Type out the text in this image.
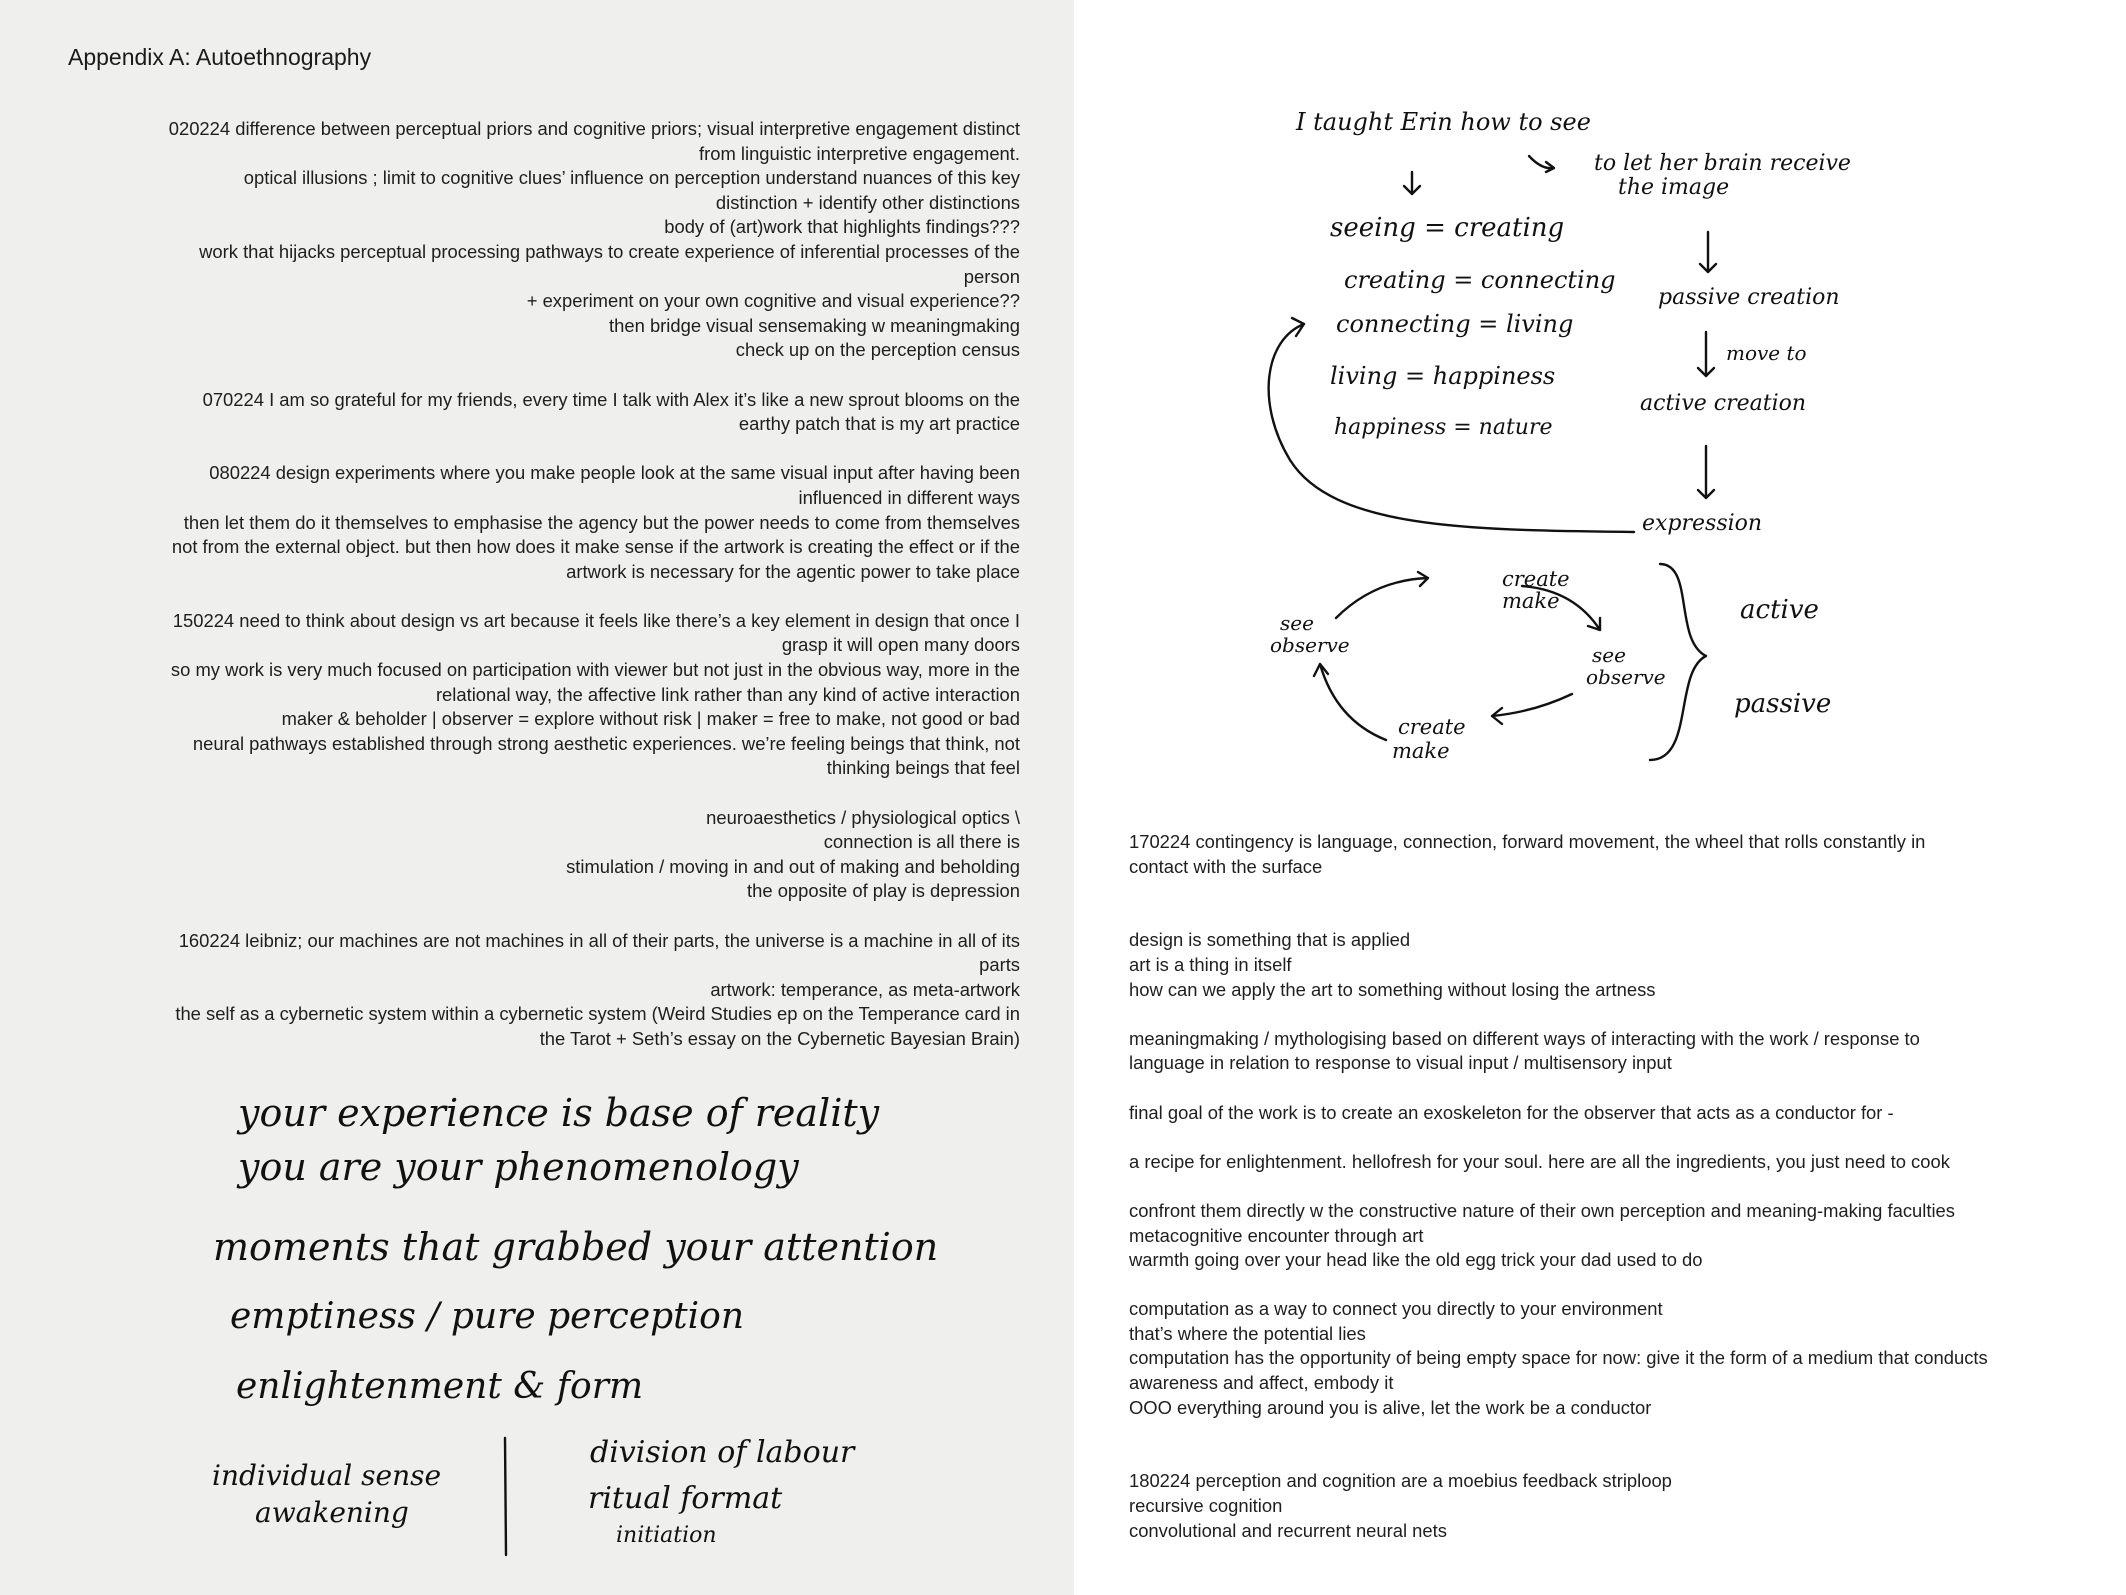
Appendix A: Autoethnography

020224 difference between perceptual priors and cognitive priors; visual interpretive engagement distinct

from linguistic interpretive engagement.

optical illusions ; limit to cognitive clues’ influence on perception understand nuances of this key

distinction + identify other distinctions

body of (art)work that highlights findings???

work that hijacks perceptual processing pathways to create experience of inferential processes of the

person

+ experiment on your own cognitive and visual experience??

then bridge visual sensemaking w meaningmaking

check up on the perception census

070224 I am so grateful for my friends, every time I talk with Alex it’s like a new sprout blooms on the

earthy patch that is my art practice

080224 design experiments where you make people look at the same visual input after having been

influenced in different ways

then let them do it themselves to emphasise the agency but the power needs to come from themselves

not from the external object. but then how does it make sense if the artwork is creating the effect or if the

artwork is necessary for the agentic power to take place

150224 need to think about design vs art because it feels like there’s a key element in design that once I

grasp it will open many doors

so my work is very much focused on participation with viewer but not just in the obvious way, more in the

relational way, the affective link rather than any kind of active interaction

maker & beholder | observer = explore without risk | maker = free to make, not good or bad

neural pathways established through strong aesthetic experiences. we’re feeling beings that think, not

thinking beings that feel

neuroaesthetics / physiological optics \

connection is all there is

stimulation / moving in and out of making and beholding

the opposite of play is depression

160224 leibniz; our machines are not machines in all of their parts, the universe is a machine in all of its

parts

artwork: temperance, as meta-artwork

the self as a cybernetic system within a cybernetic system (Weird Studies ep on the Temperance card in

the Tarot + Seth’s essay on the Cybernetic Bayesian Brain)

your experience is base of reality
you are your phenomenology
moments that grabbed your attention
emptiness / pure perception
enlightenment & form
individual sense
awakening
division of labour
ritual format
initiation
I taught Erin how to see
to let her brain receive
the image
seeing = creating
creating = connecting
connecting = living
living = happiness
happiness = nature
passive creation
move to
active creation
expression
create
make
see
observe	see
observe
create
make
active
passive

170224 contingency is language, connection, forward movement, the wheel that rolls constantly in

contact with the surface

design is something that is applied

art is a thing in itself

how can we apply the art to something without losing the artness

meaningmaking / mythologising based on different ways of interacting with the work / response to

language in relation to response to visual input / multisensory input

final goal of the work is to create an exoskeleton for the observer that acts as a conductor for -

a recipe for enlightenment. hellofresh for your soul. here are all the ingredients, you just need to cook

confront them directly w the constructive nature of their own perception and meaning-making faculties

metacognitive encounter through art

warmth going over your head like the old egg trick your dad used to do

computation as a way to connect you directly to your environment

that’s where the potential lies

computation has the opportunity of being empty space for now: give it the form of a medium that conducts

awareness and affect, embody it

OOO everything around you is alive, let the work be a conductor

180224 perception and cognition are a moebius feedback striploop

recursive cognition

convolutional and recurrent neural nets
